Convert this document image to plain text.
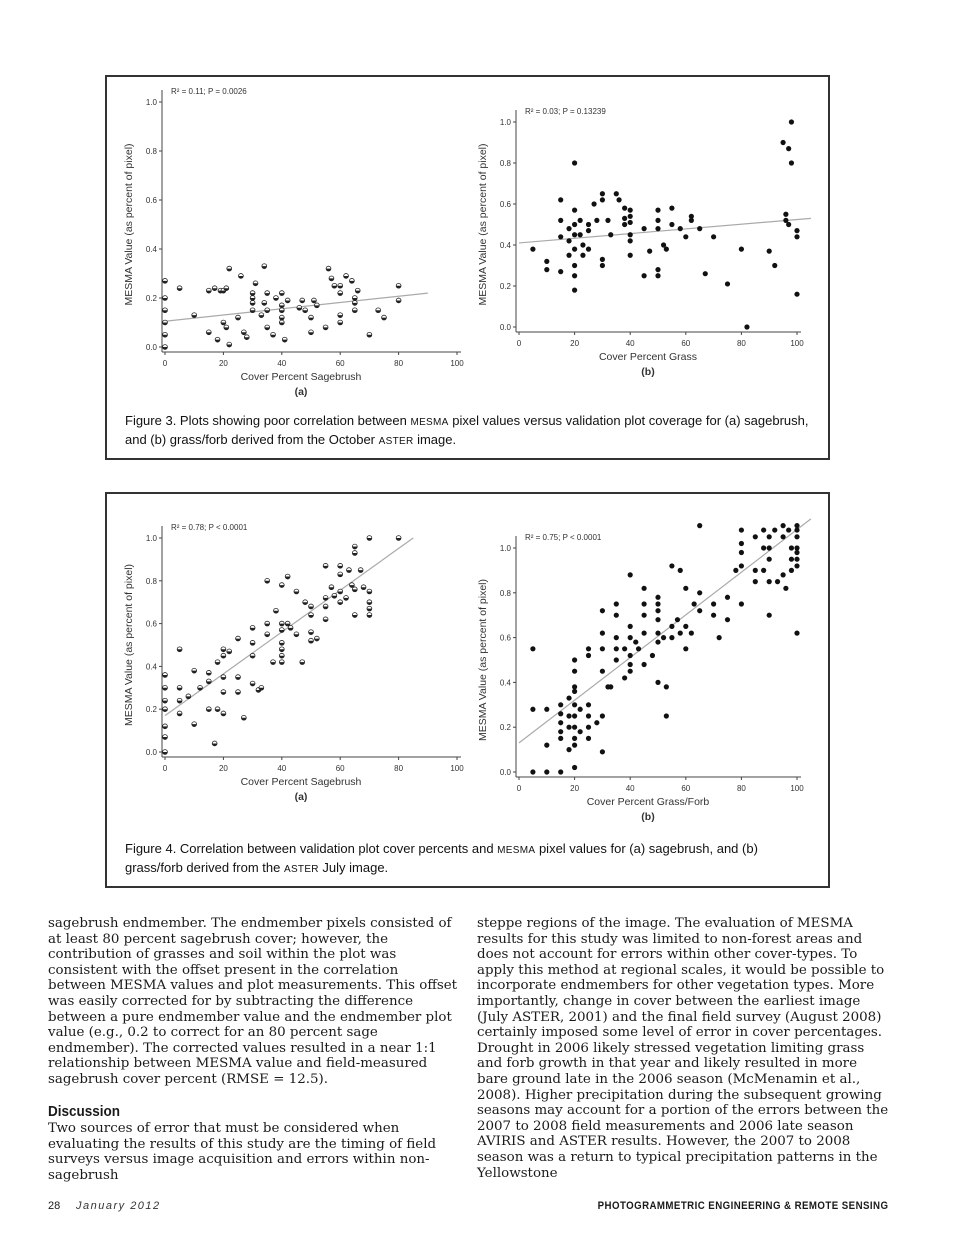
0	20	40	60	80	100
0.0
0.2
0.4
0.6
0.8
1.0
R² = 0.11; P = 0.0026
Cover Percent Sagebrush
MESMA Value (as percent of pixel)
(a)
0	20	40	60	80	100
0.0
0.2
0.4
0.6
0.8
1.0
R² = 0.03; P = 0.13239
Cover Percent Grass
MESMA Value (as percent of pixel)
(b)
Figure 3. Plots showing poor correlation between MESMA pixel values versus validation plot coverage for (a) sagebrush, and (b) grass/forb derived from the October ASTER image.
0	20	40	60	80	100
0.0
0.2
0.4
0.6
0.8
1.0
R² = 0.78; P < 0.0001
Cover Percent Sagebrush
MESMA Value (as percent of pixel)
(a)
0	20	40	60	80	100
0.0
0.2
0.4
0.6
0.8
1.0
R² = 0.75; P < 0.0001
Cover Percent Grass/Forb
MESMA Value (as percent of pixel)
(b)
Figure 4. Correlation between validation plot cover percents and MESMA pixel values for (a) sagebrush, and (b) grass/forb derived from the ASTER July image.

sagebrush endmember. The endmember pixels consisted of at least 80 percent sagebrush cover; however, the contribution of grasses and soil within the plot was consistent with the offset present in the correlation between MESMA values and plot measurements. This offset was easily corrected for by subtracting the difference between a pure endmember value and the endmember plot value (e.g., 0.2 to correct for an 80 percent sage endmember). The corrected values resulted in a near 1:1 relationship between MESMA value and field-measured sagebrush cover percent (RMSE = 12.5).

Discussion

Two sources of error that must be considered when evaluating the results of this study are the timing of field surveys versus image acquisition and errors within non-sagebrush

steppe regions of the image. The evaluation of MESMA results for this study was limited to non-forest areas and does not account for errors within other cover-types. To apply this method at regional scales, it would be possible to incorporate endmembers for other vegetation types. More importantly, change in cover between the earliest image (July ASTER, 2001) and the final field survey (August 2008) certainly imposed some level of error in cover percentages. Drought in 2006 likely stressed vegetation limiting grass and forb growth in that year and likely resulted in more bare ground late in the 2006 season (McMenamin et al., 2008). Higher precipitation during the subsequent growing seasons may account for a portion of the errors between the 2007 to 2008 field measurements and 2006 late season AVIRIS and ASTER results. However, the 2007 to 2008 season was a return to typical precipitation patterns in the Yellowstone

28 January 2012	PHOTOGRAMMETRIC ENGINEERING & REMOTE SENSING
